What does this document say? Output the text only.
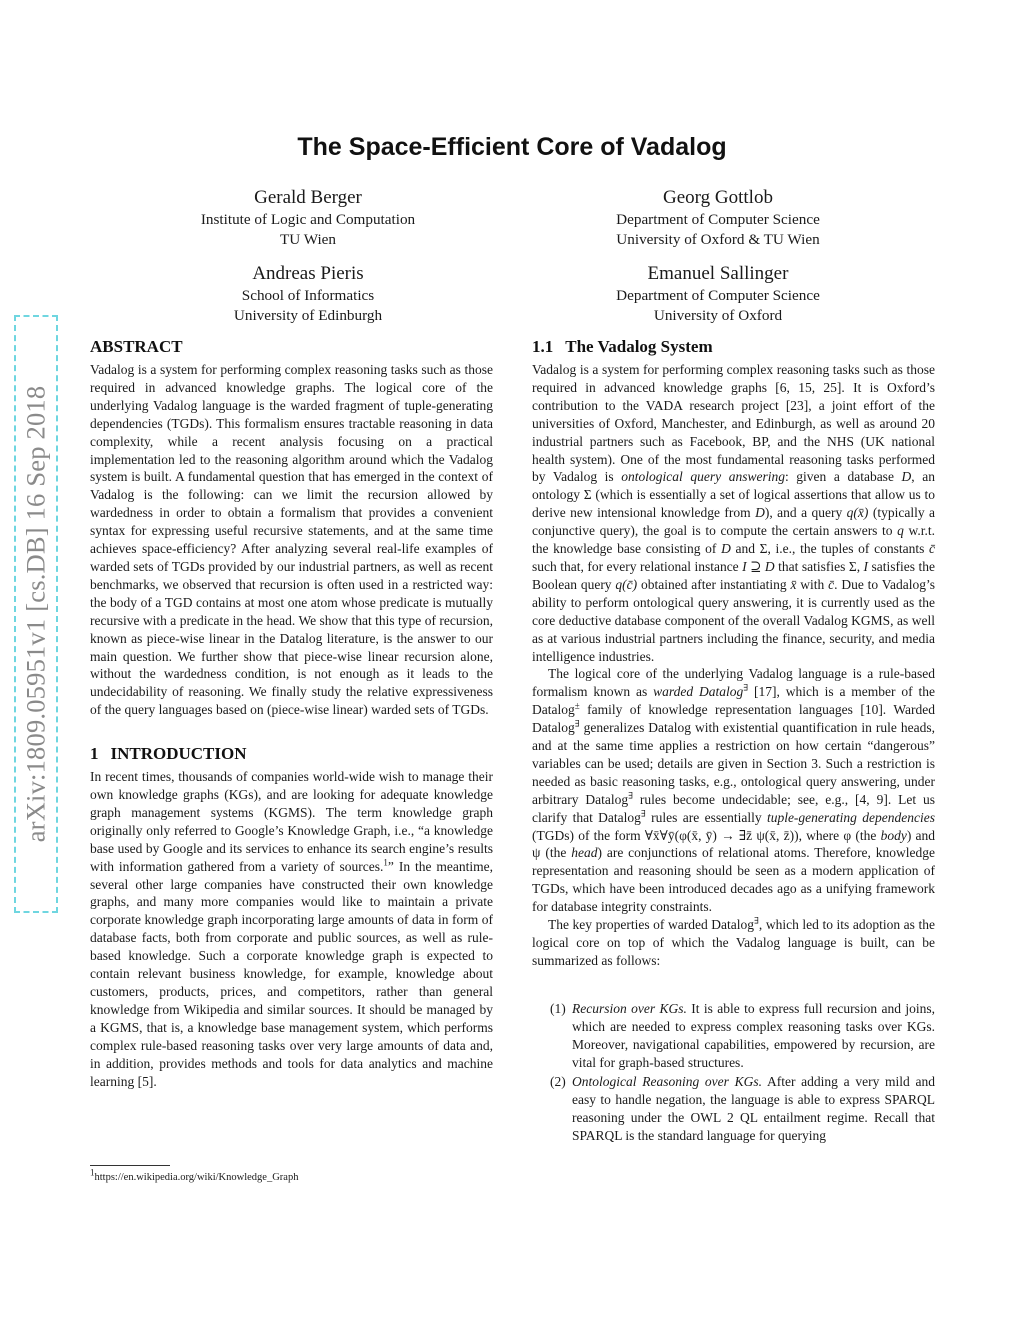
arXiv:1809.05951v1 [cs.DB] 16 Sep 2018
The Space-Efficient Core of Vadalog
Gerald Berger
Institute of Logic and Computation
TU Wien
Georg Gottlob
Department of Computer Science
University of Oxford & TU Wien
Andreas Pieris
School of Informatics
University of Edinburgh
Emanuel Sallinger
Department of Computer Science
University of Oxford
ABSTRACT

Vadalog is a system for performing complex reasoning tasks such as those required in advanced knowledge graphs. The logical core of the underlying Vadalog language is the warded fragment of tuple-generating dependencies (TGDs). This formalism ensures tractable reasoning in data complexity, while a recent analysis focusing on a practical implementation led to the reasoning algorithm around which the Vadalog system is built. A fundamental question that has emerged in the context of Vadalog is the following: can we limit the recursion allowed by wardedness in order to obtain a formalism that provides a convenient syntax for expressing useful recursive statements, and at the same time achieves space-efficiency? After analyzing several real-life examples of warded sets of TGDs provided by our industrial partners, as well as recent benchmarks, we observed that recursion is often used in a restricted way: the body of a TGD contains at most one atom whose predicate is mutually recursive with a predicate in the head. We show that this type of recursion, known as piece-wise linear in the Datalog literature, is the answer to our main question. We further show that piece-wise linear recursion alone, without the wardedness condition, is not enough as it leads to the undecidability of reasoning. We finally study the relative expressiveness of the query languages based on (piece-wise linear) warded sets of TGDs.

1 INTRODUCTION

In recent times, thousands of companies world-wide wish to manage their own knowledge graphs (KGs), and are looking for adequate knowledge graph management systems (KGMS). The term knowledge graph originally only referred to Google’s Knowledge Graph, i.e., “a knowledge base used by Google and its services to enhance its search engine’s results with information gathered from a variety of sources.$^1$” In the meantime, several other large companies have constructed their own knowledge graphs, and many more companies would like to maintain a private corporate knowledge graph incorporating large amounts of data in form of database facts, both from corporate and public sources, as well as rule-based knowledge. Such a corporate knowledge graph is expected to contain relevant business knowledge, for example, knowledge about customers, products, prices, and competitors, rather than general knowledge from Wikipedia and similar sources. It should be managed by a KGMS, that is, a knowledge base management system, which performs complex rule-based reasoning tasks over very large amounts of data and, in addition, provides methods and tools for data analytics and machine learning [5].

$^1$https://en.wikipedia.org/wiki/Knowledge_Graph
1.1 The Vadalog System

Vadalog is a system for performing complex reasoning tasks such as those required in advanced knowledge graphs [6, 15, 25]. It is Oxford’s contribution to the VADA research project [23], a joint effort of the universities of Oxford, Manchester, and Edinburgh, as well as around 20 industrial partners such as Facebook, BP, and the NHS (UK national health system). One of the most fundamental reasoning tasks performed by Vadalog is ontological query answering: given a database D, an ontology Σ (which is essentially a set of logical assertions that allow us to derive new intensional knowledge from D), and a query q(x̄) (typically a conjunctive query), the goal is to compute the certain answers to q w.r.t. the knowledge base consisting of D and Σ, i.e., the tuples of constants c̄ such that, for every relational instance I ⊇ D that satisfies Σ, I satisfies the Boolean query q(c̄) obtained after instantiating x̄ with c̄. Due to Vadalog’s ability to perform ontological query answering, it is currently used as the core deductive database component of the overall Vadalog KGMS, as well as at various industrial partners including the finance, security, and media intelligence industries.

The logical core of the underlying Vadalog language is a rule-based formalism known as warded Datalog∃ [17], which is a member of the Datalog± family of knowledge representation languages [10]. Warded Datalog∃ generalizes Datalog with existential quantification in rule heads, and at the same time applies a restriction on how certain “dangerous” variables can be used; details are given in Section 3. Such a restriction is needed as basic reasoning tasks, e.g., ontological query answering, under arbitrary Datalog∃ rules become undecidable; see, e.g., [4, 9]. Let us clarify that Datalog∃ rules are essentially tuple-generating dependencies (TGDs) of the form ∀x̄∀ȳ(φ(x̄, ȳ) → ∃z̄ ψ(x̄, z̄)), where φ (the body) and ψ (the head) are conjunctions of relational atoms. Therefore, knowledge representation and reasoning should be seen as a modern application of TGDs, which have been introduced decades ago as a unifying framework for database integrity constraints.

The key properties of warded Datalog∃, which led to its adoption as the logical core on top of which the Vadalog language is built, can be summarized as follows:

(1) Recursion over KGs. It is able to express full recursion and joins, which are needed to express complex reasoning tasks over KGs. Moreover, navigational capabilities, empowered by recursion, are vital for graph-based structures.
(2) Ontological Reasoning over KGs. After adding a very mild and easy to handle negation, the language is able to express SPARQL reasoning under the OWL 2 QL entailment regime. Recall that SPARQL is the standard language for querying
